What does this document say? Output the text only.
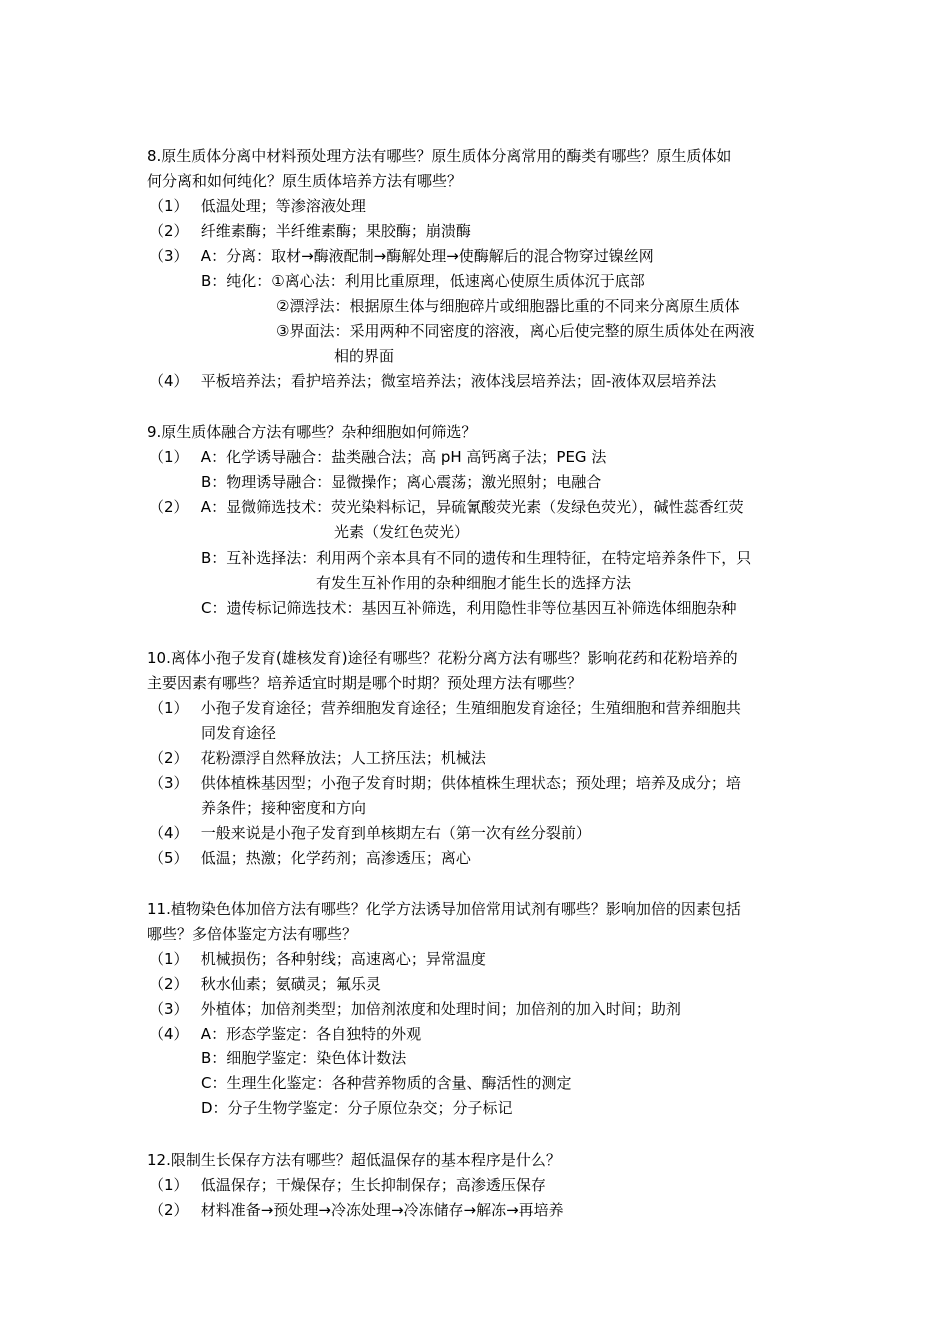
8.原生质体分离中材料预处理方法有哪些？原生质体分离常用的酶类有哪些？原生质体如
何分离和如何纯化？原生质体培养方法有哪些？
（1）　 低温处理；等渗溶液处理
（2）　 纤维素酶；半纤维素酶；果胶酶；崩溃酶
（3）　 A：分离：取材→酶液配制→酶解处理→使酶解后的混合物穿过镍丝网
B：纯化：①离心法：利用比重原理，低速离心使原生质体沉于底部
②漂浮法：根据原生体与细胞碎片或细胞器比重的不同来分离原生质体
③界面法：采用两种不同密度的溶液，离心后使完整的原生质体处在两液
相的界面
（4）　 平板培养法；看护培养法；微室培养法；液体浅层培养法；固-液体双层培养法
9.原生质体融合方法有哪些？杂种细胞如何筛选？
（1）　 A：化学诱导融合：盐类融合法；高 pH 高钙离子法；PEG 法
B：物理诱导融合：显微操作；离心震荡；激光照射；电融合
（2）　 A：显微筛选技术：荧光染料标记，异硫氰酸荧光素（发绿色荧光），碱性蕊香红荧
光素（发红色荧光）
B：互补选择法：利用两个亲本具有不同的遗传和生理特征，在特定培养条件下，只
有发生互补作用的杂种细胞才能生长的选择方法
C：遗传标记筛选技术：基因互补筛选，利用隐性非等位基因互补筛选体细胞杂种
10.离体小孢子发育(雄核发育)途径有哪些？花粉分离方法有哪些？影响花药和花粉培养的
主要因素有哪些？培养适宜时期是哪个时期？预处理方法有哪些？
（1）　 小孢子发育途径；营养细胞发育途径；生殖细胞发育途径；生殖细胞和营养细胞共
同发育途径
（2）　 花粉漂浮自然释放法；人工挤压法；机械法
（3）　 供体植株基因型；小孢子发育时期；供体植株生理状态；预处理；培养及成分；培
养条件；接种密度和方向
（4）　 一般来说是小孢子发育到单核期左右（第一次有丝分裂前）
（5）　 低温；热激；化学药剂；高渗透压；离心
11.植物染色体加倍方法有哪些？化学方法诱导加倍常用试剂有哪些？影响加倍的因素包括
哪些？多倍体鉴定方法有哪些？
（1）　 机械损伤；各种射线；高速离心；异常温度
（2）　 秋水仙素；氨磺灵；氟乐灵
（3）　 外植体；加倍剂类型；加倍剂浓度和处理时间；加倍剂的加入时间；助剂
（4）　 A：形态学鉴定：各自独特的外观
B：细胞学鉴定：染色体计数法
C：生理生化鉴定：各种营养物质的含量、酶活性的测定
D：分子生物学鉴定：分子原位杂交；分子标记
12.限制生长保存方法有哪些？超低温保存的基本程序是什么？
（1）　 低温保存；干燥保存；生长抑制保存；高渗透压保存
（2）　 材料准备→预处理→冷冻处理→冷冻储存→解冻→再培养
